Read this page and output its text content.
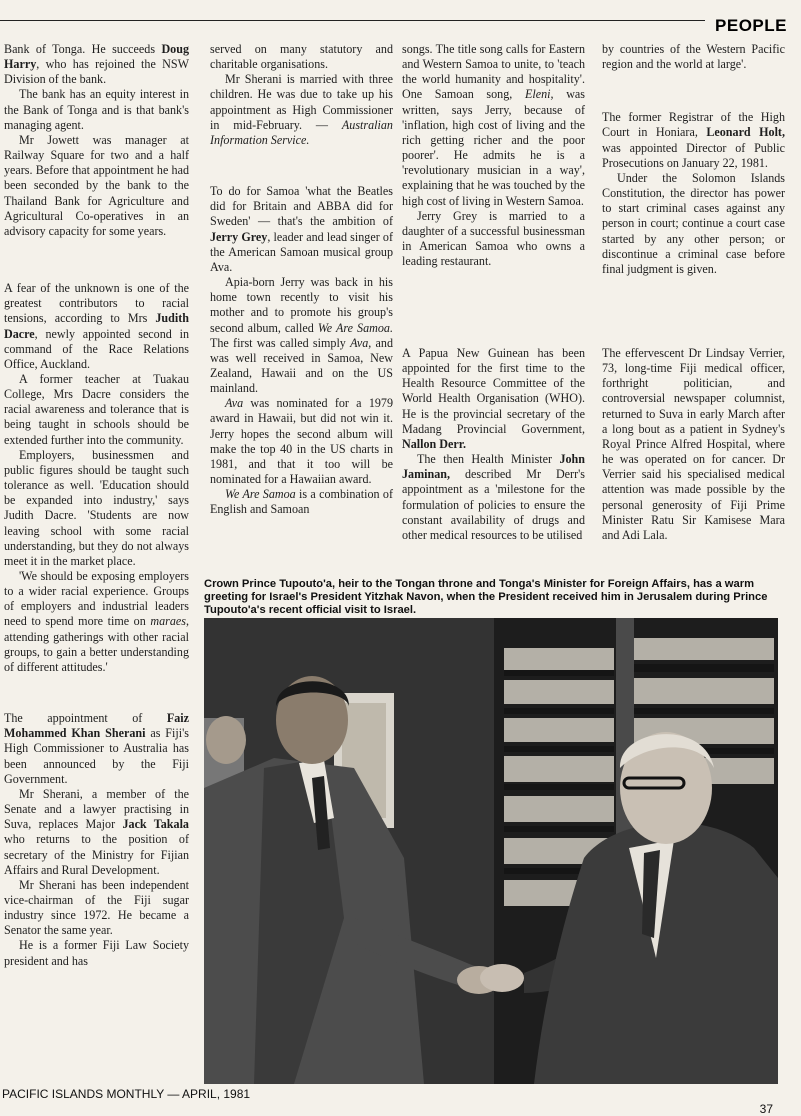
PEOPLE

Bank of Tonga. He succeeds Doug Harry, who has rejoined the NSW Division of the bank.

The bank has an equity interest in the Bank of Tonga and is that bank's managing agent.

Mr Jowett was manager at Railway Square for two and a half years. Before that appointment he had been seconded by the bank to the Thailand Bank for Agriculture and Agricultural Co-operatives in an advisory capacity for some years.

A fear of the unknown is one of the greatest contributors to racial tensions, according to Mrs Judith Dacre, newly appointed second in command of the Race Relations Office, Auckland.

A former teacher at Tuakau College, Mrs Dacre considers the racial awareness and tolerance that is being taught in schools should be extended further into the community.

Employers, businessmen and public figures should be taught such tolerance as well. 'Education should be expanded into industry,' says Judith Dacre. 'Students are now leaving school with some racial understanding, but they do not always meet it in the market place.

'We should be exposing employers to a wider racial experience. Groups of employers and industrial leaders need to spend more time on maraes, attending gatherings with other racial groups, to gain a better understanding of different attitudes.'

The appointment of Faiz Mohammed Khan Sherani as Fiji's High Commissioner to Australia has been announced by the Fiji Government.

Mr Sherani, a member of the Senate and a lawyer practising in Suva, replaces Major Jack Takala who returns to the position of secretary of the Ministry for Fijian Affairs and Rural Development.

Mr Sherani has been independent vice-chairman of the Fiji sugar industry since 1972. He became a Senator the same year.

He is a former Fiji Law Society president and has

served on many statutory and charitable organisations.

Mr Sherani is married with three children. He was due to take up his appointment as High Commissioner in mid-February. — Australian Information Service.

To do for Samoa 'what the Beatles did for Britain and ABBA did for Sweden' — that's the ambition of Jerry Grey, leader and lead singer of the American Samoan musical group Ava.

Apia-born Jerry was back in his home town recently to visit his mother and to promote his group's second album, called We Are Samoa. The first was called simply Ava, and was well received in Samoa, New Zealand, Hawaii and on the US mainland.

Ava was nominated for a 1979 award in Hawaii, but did not win it. Jerry hopes the second album will make the top 40 in the US charts in 1981, and that it too will be nominated for a Hawaiian award.

We Are Samoa is a combination of English and Samoan

songs. The title song calls for Eastern and Western Samoa to unite, to 'teach the world humanity and hospitality'. One Samoan song, Eleni, was written, says Jerry, because of 'inflation, high cost of living and the rich getting richer and the poor poorer'. He admits he is a 'revolutionary musician in a way', explaining that he was touched by the high cost of living in Western Samoa.

Jerry Grey is married to a daughter of a successful businessman in American Samoa who owns a leading restaurant.

A Papua New Guinean has been appointed for the first time to the Health Resource Committee of the World Health Organisation (WHO). He is the provincial secretary of the Madang Provincial Government, Nallon Derr.

The then Health Minister John Jaminan, described Mr Derr's appointment as a 'milestone for the formulation of policies to ensure the constant availability of drugs and other medical resources to be utilised

by countries of the Western Pacific region and the world at large'.

The former Registrar of the High Court in Honiara, Leonard Holt, was appointed Director of Public Prosecutions on January 22, 1981.

Under the Solomon Islands Constitution, the director has power to start criminal cases against any person in court; continue a court case started by any other person; or discontinue a criminal case before final judgment is given.

The effervescent Dr Lindsay Verrier, 73, long-time Fiji medical officer, forthright politician, and controversial newspaper columnist, returned to Suva in early March after a long bout as a patient in Sydney's Royal Prince Alfred Hospital, where he was operated on for cancer. Dr Verrier said his specialised medical attention was made possible by the personal generosity of Fiji Prime Minister Ratu Sir Kamisese Mara and Adi Lala.

Crown Prince Tupouto'a, heir to the Tongan throne and Tonga's Minister for Foreign Affairs, has a warm greeting for Israel's President Yitzhak Navon, when the President received him in Jerusalem during Prince Tupouto'a's recent official visit to Israel.
PACIFIC ISLANDS MONTHLY — APRIL, 1981
37
